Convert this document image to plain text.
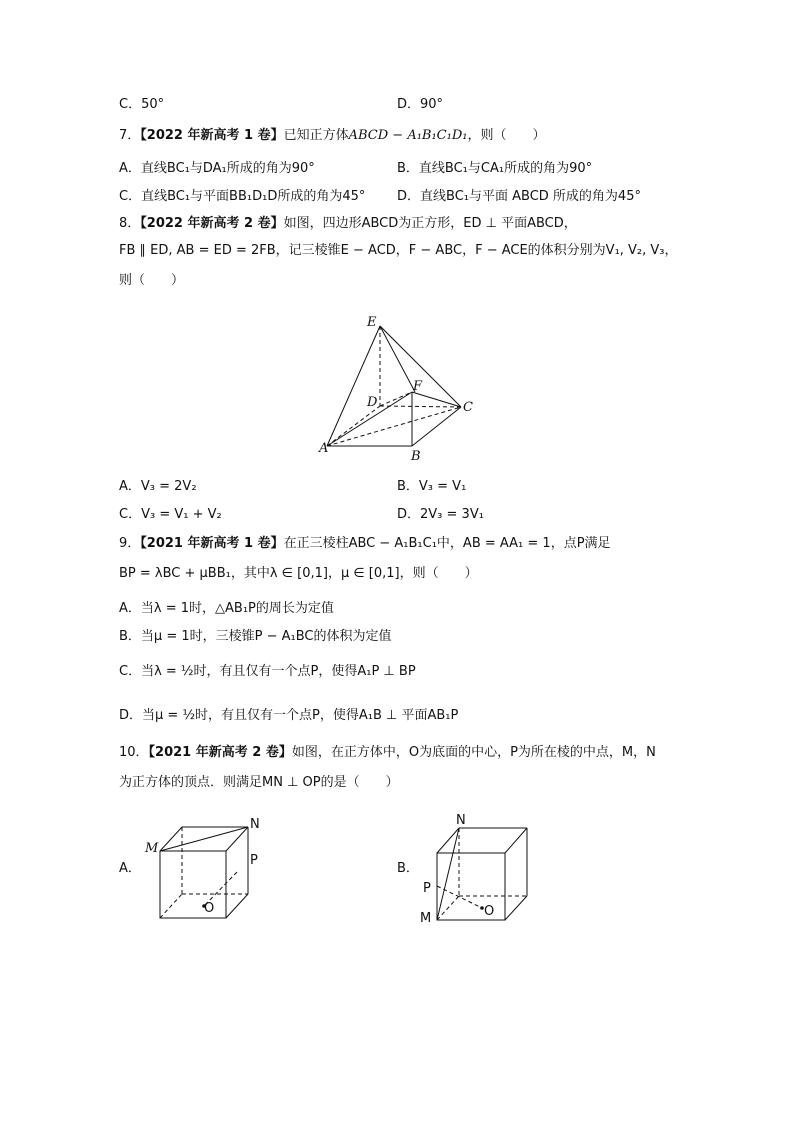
C．50°	D．90°
7．【2022 年新高考 1 卷】已知正方体ABCD − A₁B₁C₁D₁，则（　　）
A．直线BC₁与DA₁所成的角为90°	B．直线BC₁与CA₁所成的角为90°
C．直线BC₁与平面BB₁D₁D所成的角为45° D．直线BC₁与平面 ABCD 所成的角为45°
8．【2022 年新高考 2 卷】如图，四边形ABCD为正方形，ED ⊥ 平面ABCD，
FB ∥ ED, AB = ED = 2FB，记三棱锥E − ACD，F − ABC，F − ACE的体积分别为V₁, V₂, V₃，
则（　　）
E
F
D	C
A
B
A．V₃ = 2V₂	B．V₃ = V₁
C．V₃ = V₁ + V₂	D．2V₃ = 3V₁
9．【2021 年新高考 1 卷】在正三棱柱ABC − A₁B₁C₁中，AB = AA₁ = 1，点P满足
BP = λBC + μBB₁，其中λ ∈ [0,1]，μ ∈ [0,1]，则（　　）
A．当λ = 1时，△AB₁P的周长为定值
B．当μ = 1时，三棱锥P − A₁BC的体积为定值
C．当λ = ½时，有且仅有一个点P，使得A₁P ⊥ BP
D．当μ = ½时，有且仅有一个点P，使得A₁B ⊥ 平面AB₁P
10．【2021 年新高考 2 卷】如图，在正方体中，O为底面的中心，P为所在棱的中点，M，N
为正方体的顶点．则满足MN ⊥ OP的是（　　）
A．
M
N
P
O
B．
N
P
M	O
